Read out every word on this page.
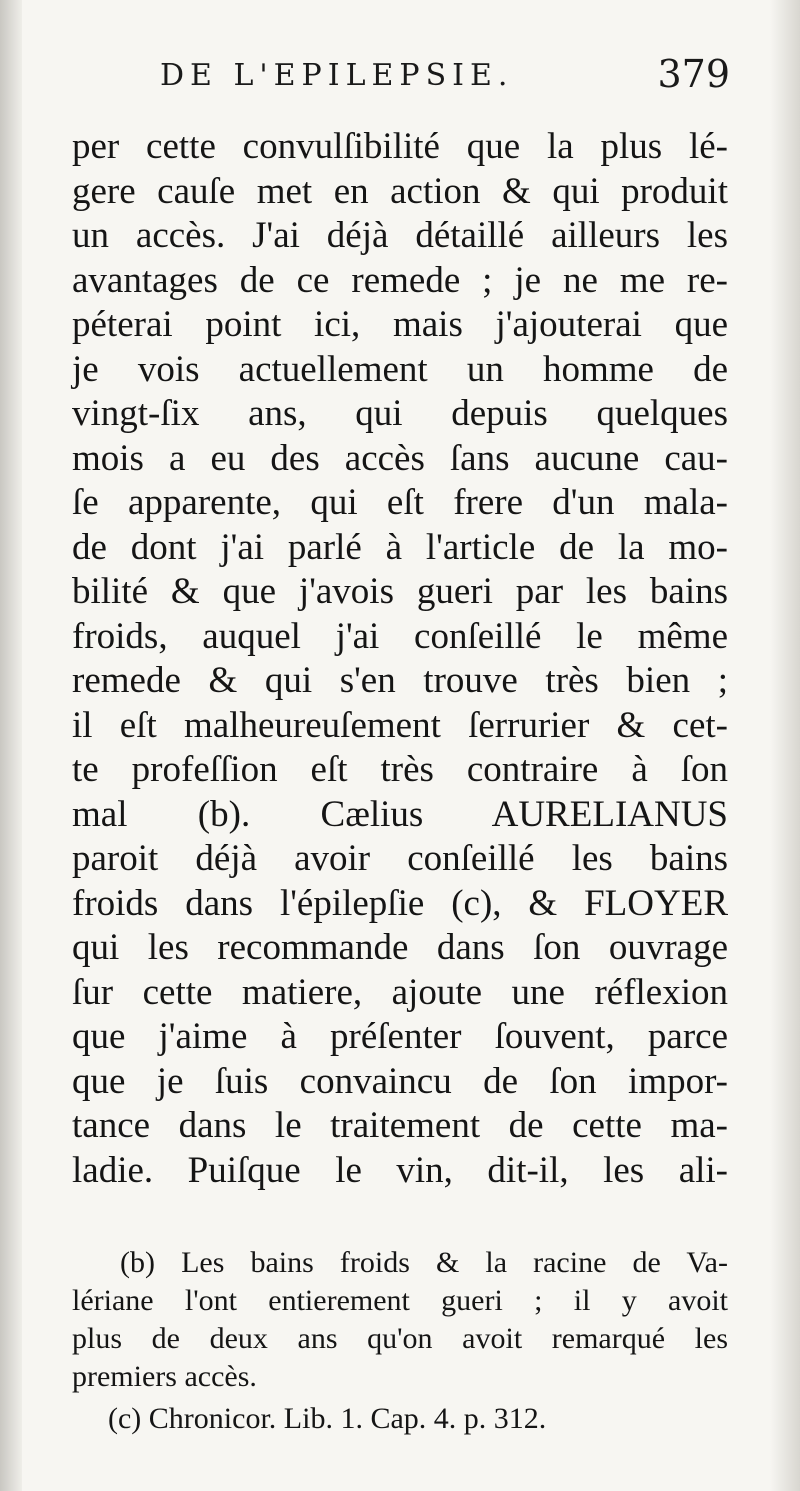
DE L'EPILEPSIE.	379
per cette convulſibilité que la plus lé-
gere cauſe met en action & qui produit
un accès. J'ai déjà détaillé ailleurs les
avantages de ce remede ; je ne me re-
péterai point ici, mais j'ajouterai que
je vois actuellement un homme de
vingt-ſix ans, qui depuis quelques
mois a eu des accès ſans aucune cau-
ſe apparente, qui eſt frere d'un mala-
de dont j'ai parlé à l'article de la mo-
bilité & que j'avois gueri par les bains
froids, auquel j'ai conſeillé le même
remede & qui s'en trouve très bien ;
il eſt malheureuſement ſerrurier & cet-
te profeſſion eſt très contraire à ſon
mal (b). Cælius AURELIANUS
paroit déjà avoir conſeillé les bains
froids dans l'épilepſie (c), & FLOYER
qui les recommande dans ſon ouvrage
ſur cette matiere, ajoute une réflexion
que j'aime à préſenter ſouvent, parce
que je ſuis convaincu de ſon impor-
tance dans le traitement de cette ma-
ladie. Puiſque le vin, dit-il, les ali-
(b) Les bains froids & la racine de Va-
lériane l'ont entierement gueri ; il y avoit
plus de deux ans qu'on avoit remarqué les
premiers accès.
(c) Chronicor. Lib. 1. Cap. 4. p. 312.
